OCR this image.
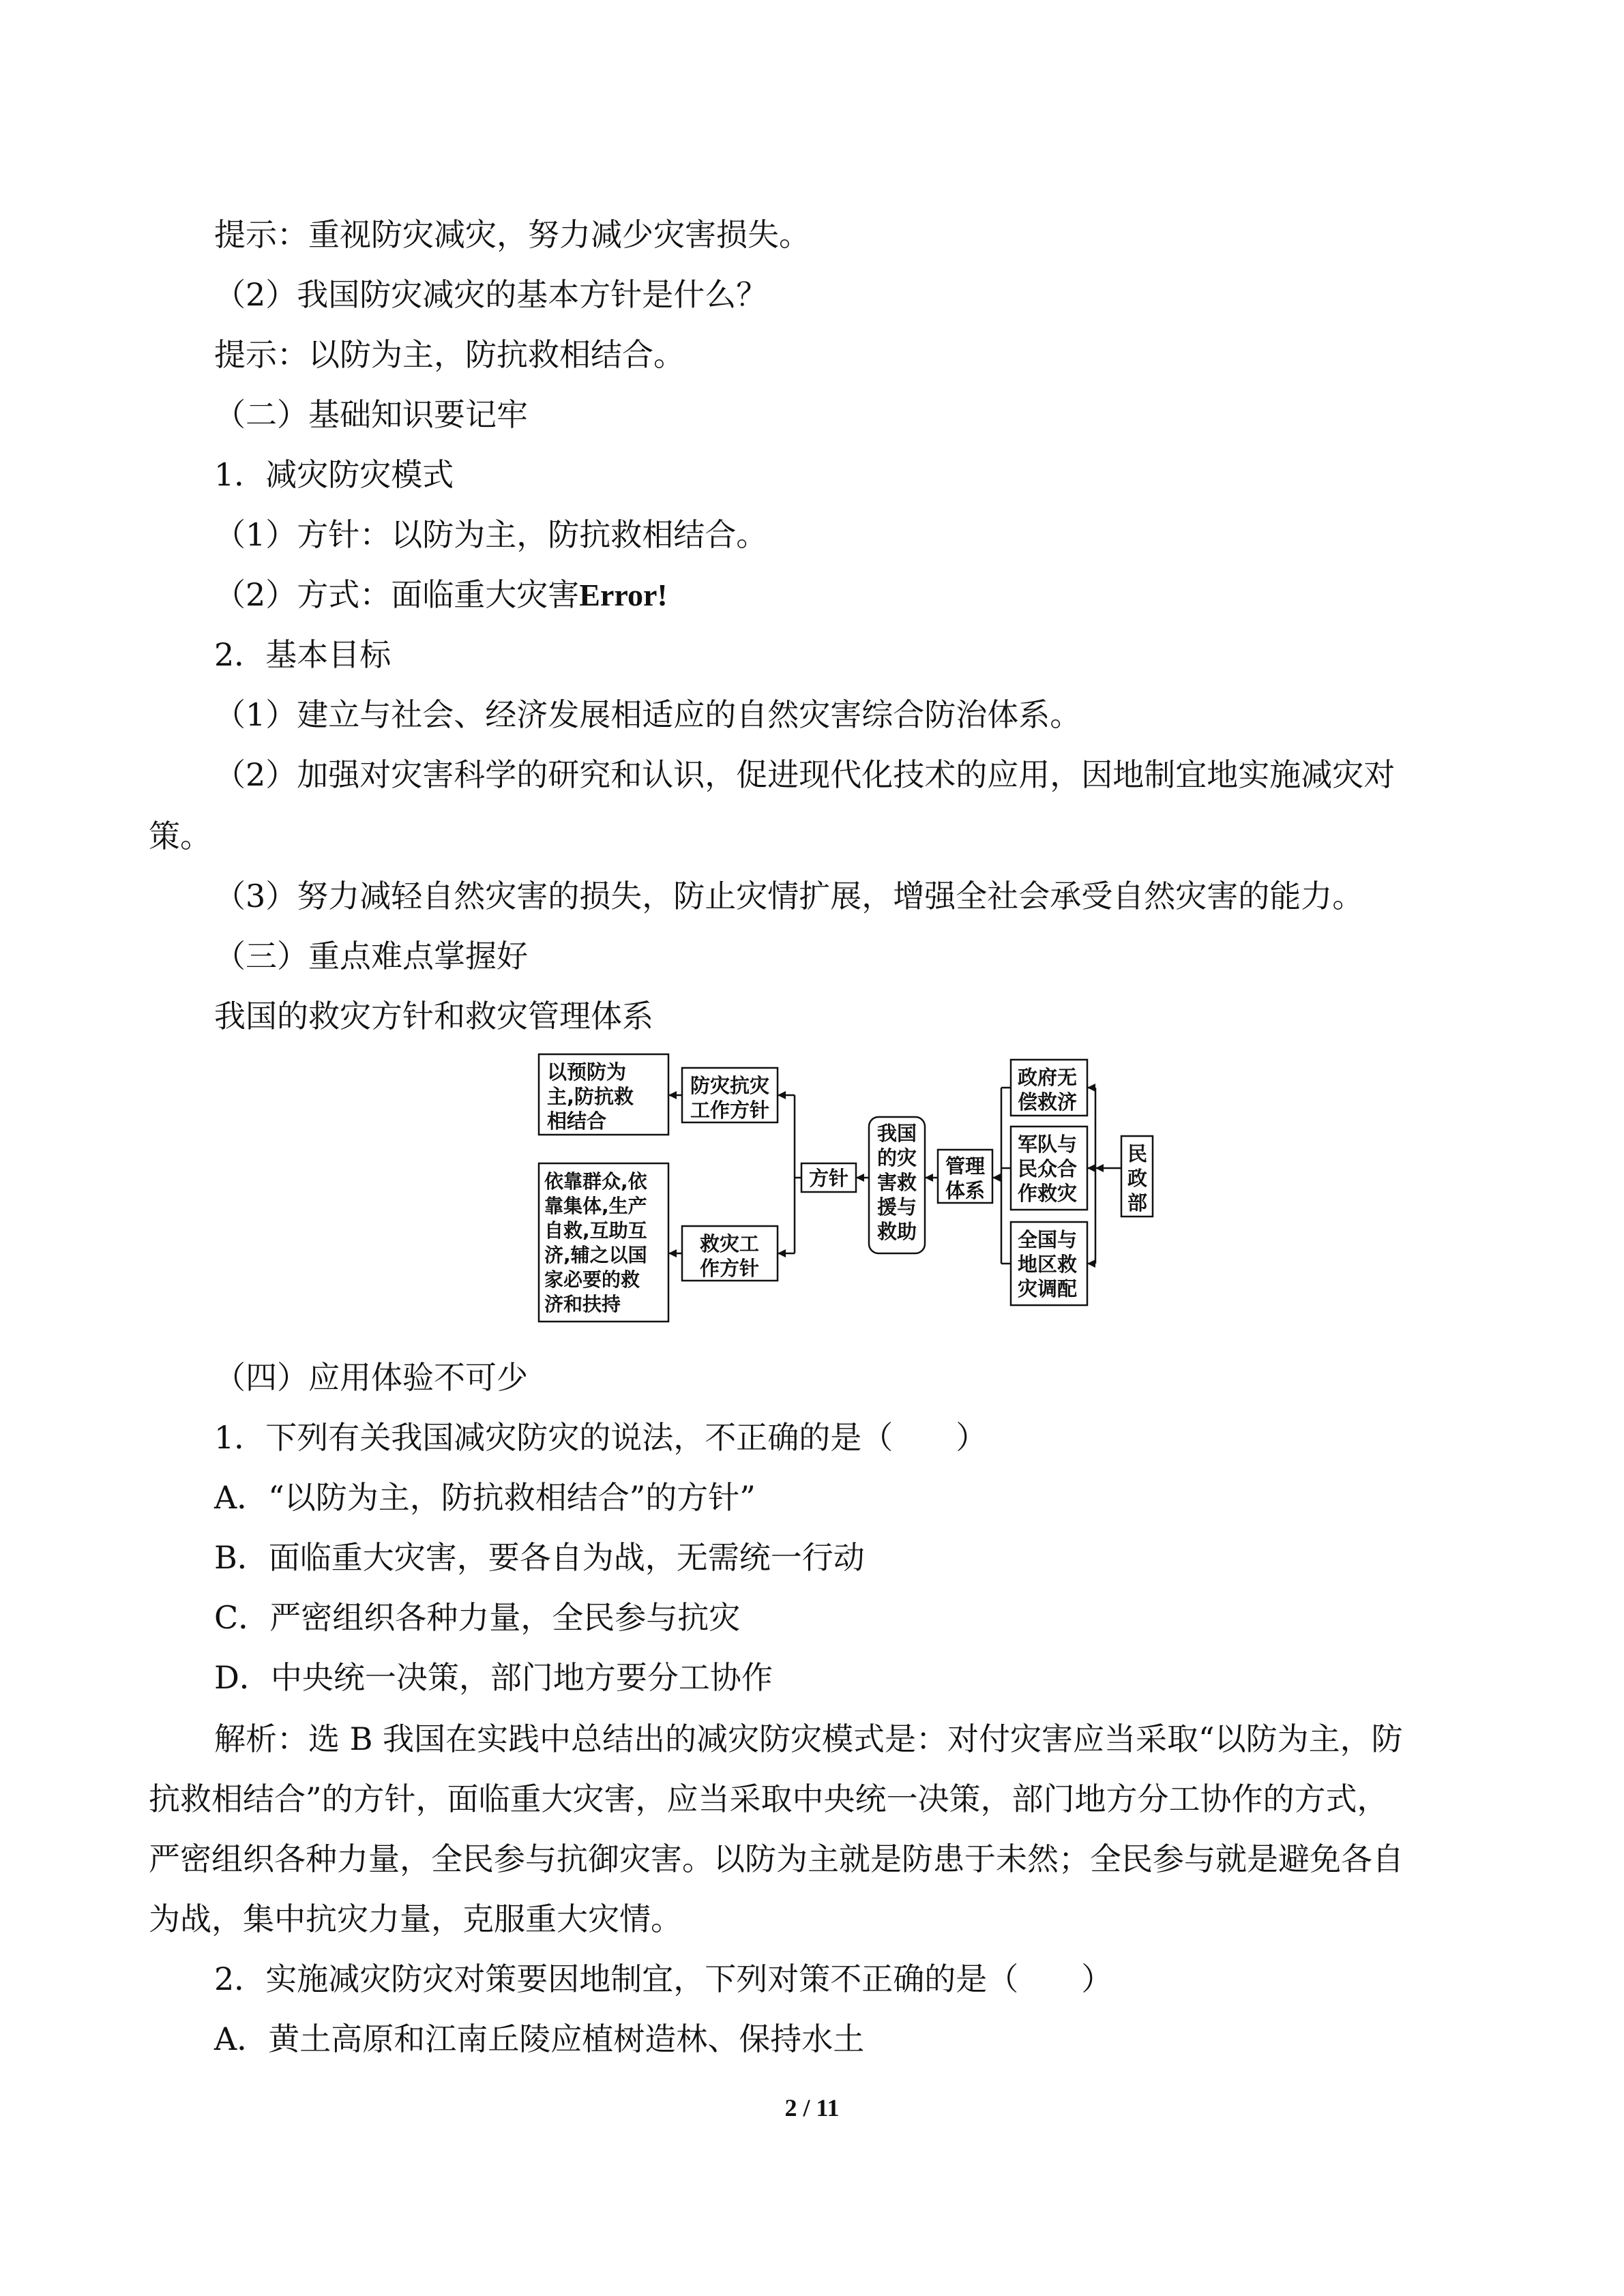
提示：重视防灾减灾，努力减少灾害损失。
（2）我国防灾减灾的基本方针是什么？
提示：以防为主，防抗救相结合。
（二）基础知识要记牢
1．减灾防灾模式
（1）方针：以防为主，防抗救相结合。
（2）方式：面临重大灾害Error!
2．基本目标
（1）建立与社会、经济发展相适应的自然灾害综合防治体系。
（2）加强对灾害科学的研究和认识，促进现代化技术的应用，因地制宜地实施减灾对
策。
（3）努力减轻自然灾害的损失，防止灾情扩展，增强全社会承受自然灾害的能力。
（三）重点难点掌握好
我国的救灾方针和救灾管理体系
以预防为 主,防抗救 相结合
防灾抗灾 工作方针
依靠群众,依 靠集体,生产 自救,互助互 济,辅之以国 家必要的救 济和扶持
救灾工 作方针
方针
我国 的灾 害救 援与 救助
管理 体系
政府无 偿救济
军队与 民众合 作救灾
全国与 地区救 灾调配
民 政 部
（四）应用体验不可少
1．下列有关我国减灾防灾的说法，不正确的是（　　）
A．“以防为主，防抗救相结合”的方针”
B．面临重大灾害，要各自为战，无需统一行动
C．严密组织各种力量，全民参与抗灾
D．中央统一决策，部门地方要分工协作
解析：选 B 我国在实践中总结出的减灾防灾模式是：对付灾害应当采取“以防为主，防
抗救相结合”的方针，面临重大灾害，应当采取中央统一决策，部门地方分工协作的方式，
严密组织各种力量，全民参与抗御灾害。以防为主就是防患于未然；全民参与就是避免各自
为战，集中抗灾力量，克服重大灾情。
2．实施减灾防灾对策要因地制宜，下列对策不正确的是（　　）
A．黄土高原和江南丘陵应植树造林、保持水土
2 / 11
